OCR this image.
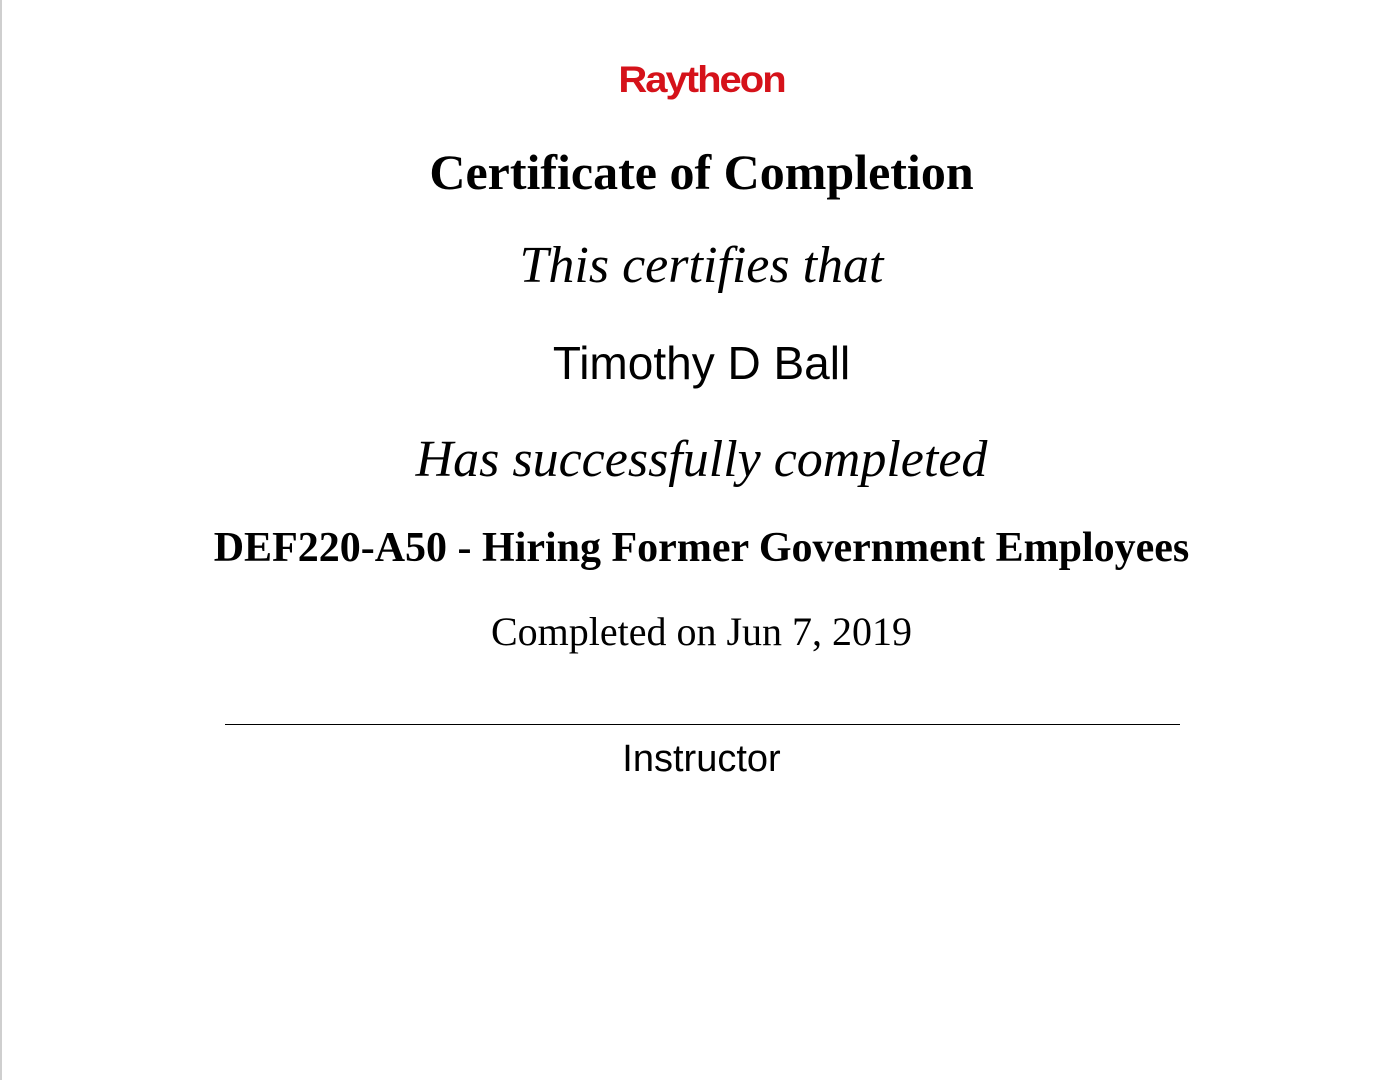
Raytheon
Certificate of Completion
This certifies that
Timothy D Ball
Has successfully completed
DEF220-A50 - Hiring Former Government Employees
Completed on Jun 7, 2019
Instructor
